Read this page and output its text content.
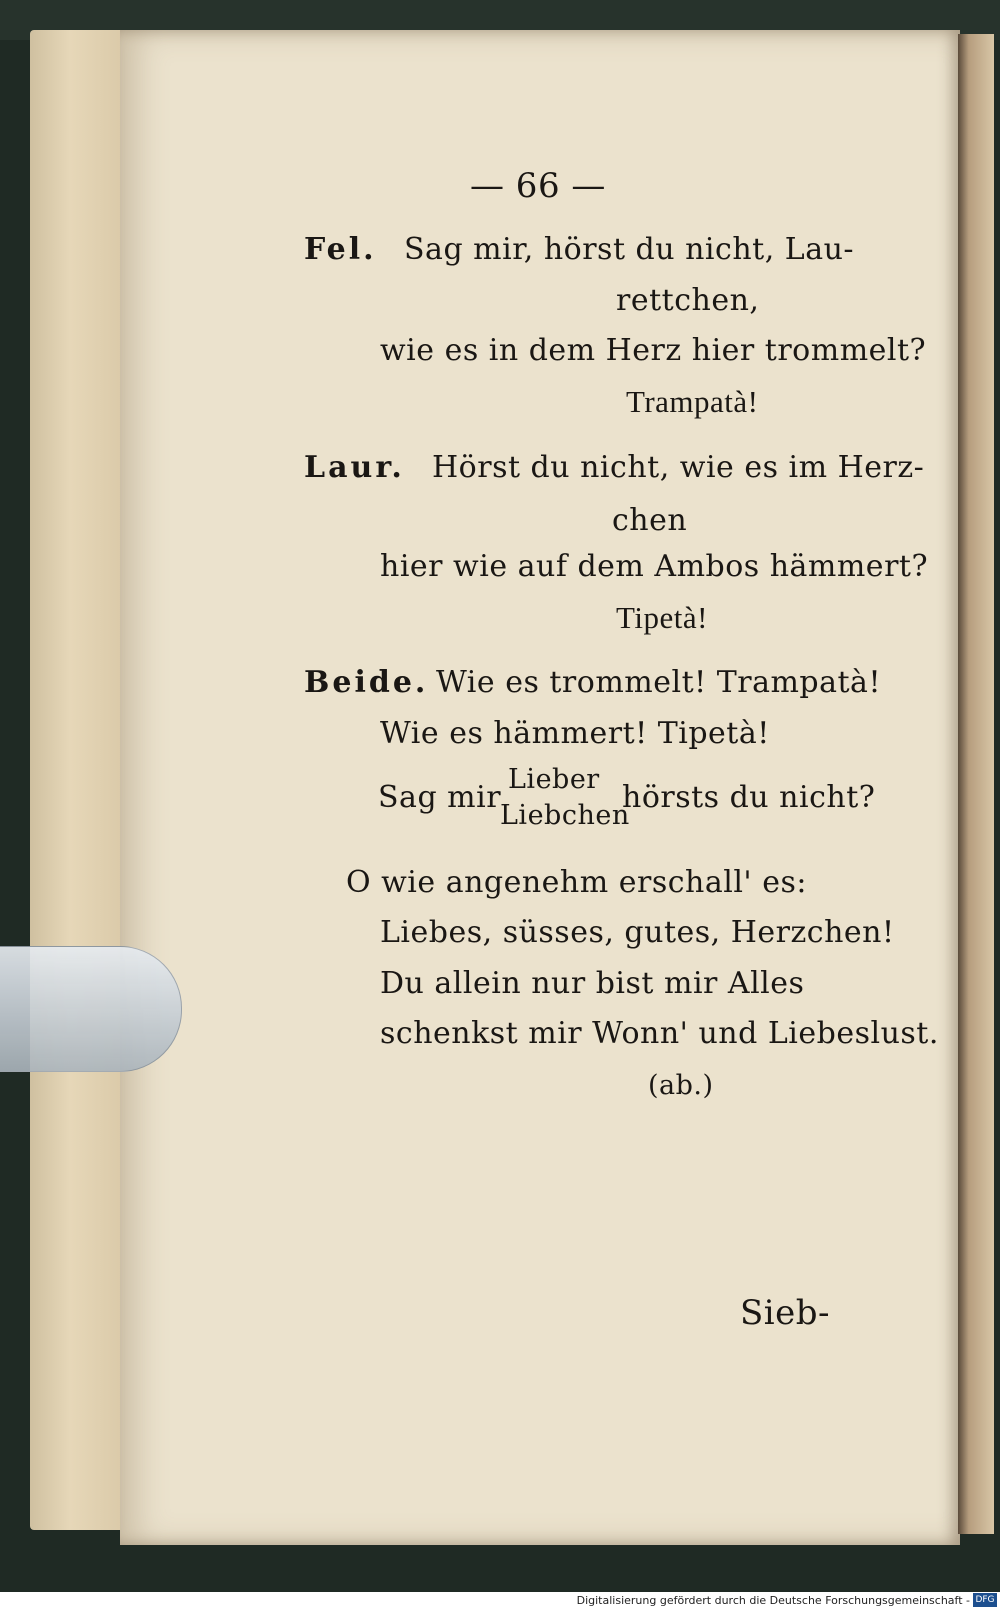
— 66 —
Fel. Sag mir, hörst du nicht, Lau-
rettchen,
wie es in dem Herz hier trommelt?
Trampatà!
Laur. Hörst du nicht, wie es im Herz-
chen
hier wie auf dem Ambos hämmert?
Tipetà!
Beide. Wie es trommelt! Trampatà!
Wie es hämmert! Tipetà!
Sag mir
Lieber
Liebchen
hörsts du nicht?
O wie angenehm erschall' es:
Liebes, süsses, gutes, Herzchen!
Du allein nur bist mir Alles
schenkst mir Wonn' und Liebeslust.
(ab.)
Sieb-
Digitalisierung gefördert durch die Deutsche Forschungsgemeinschaft - DFG
